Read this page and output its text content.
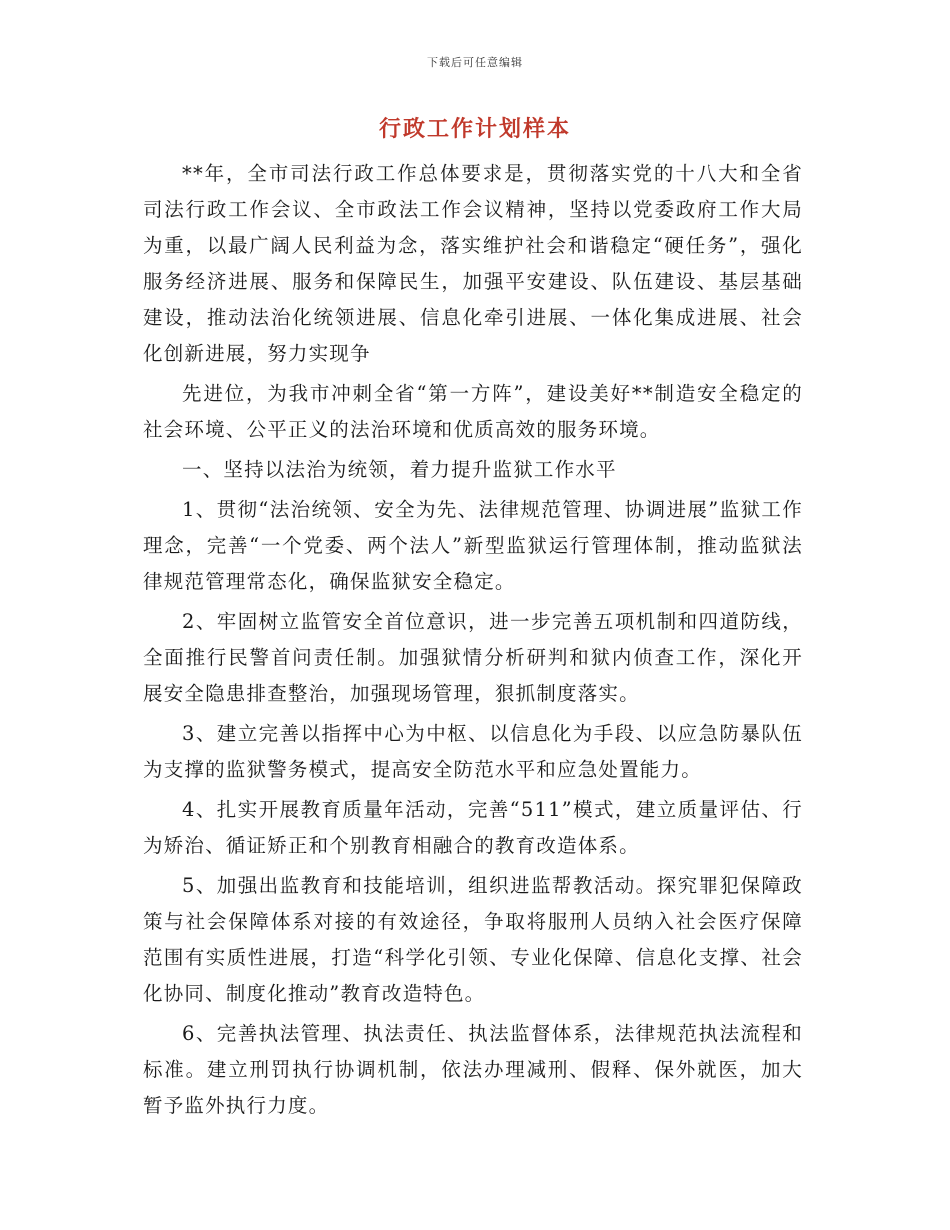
下载后可任意编辑
行政工作计划样本

**年，全市司法行政工作总体要求是，贯彻落实党的十八大和全省司法行政工作会议、全市政法工作会议精神，坚持以党委政府工作大局为重，以最广阔人民利益为念，落实维护社会和谐稳定“硬任务”，强化服务经济进展、服务和保障民生，加强平安建设、队伍建设、基层基础建设，推动法治化统领进展、信息化牵引进展、一体化集成进展、社会化创新进展，努力实现争

先进位，为我市冲刺全省“第一方阵”，建设美好**制造安全稳定的社会环境、公平正义的法治环境和优质高效的服务环境。

一、坚持以法治为统领，着力提升监狱工作水平

1、贯彻“法治统领、安全为先、法律规范管理、协调进展”监狱工作理念，完善“一个党委、两个法人”新型监狱运行管理体制，推动监狱法律规范管理常态化，确保监狱安全稳定。

2、牢固树立监管安全首位意识，进一步完善五项机制和四道防线，全面推行民警首问责任制。加强狱情分析研判和狱内侦查工作，深化开展安全隐患排查整治，加强现场管理，狠抓制度落实。

3、建立完善以指挥中心为中枢、以信息化为手段、以应急防暴队伍为支撑的监狱警务模式，提高安全防范水平和应急处置能力。

4、扎实开展教育质量年活动，完善“511”模式，建立质量评估、行为矫治、循证矫正和个别教育相融合的教育改造体系。

5、加强出监教育和技能培训，组织进监帮教活动。探究罪犯保障政策与社会保障体系对接的有效途径，争取将服刑人员纳入社会医疗保障范围有实质性进展，打造“科学化引领、专业化保障、信息化支撑、社会化协同、制度化推动”教育改造特色。

6、完善执法管理、执法责任、执法监督体系，法律规范执法流程和标准。建立刑罚执行协调机制，依法办理减刑、假释、保外就医，加大暂予监外执行力度。
